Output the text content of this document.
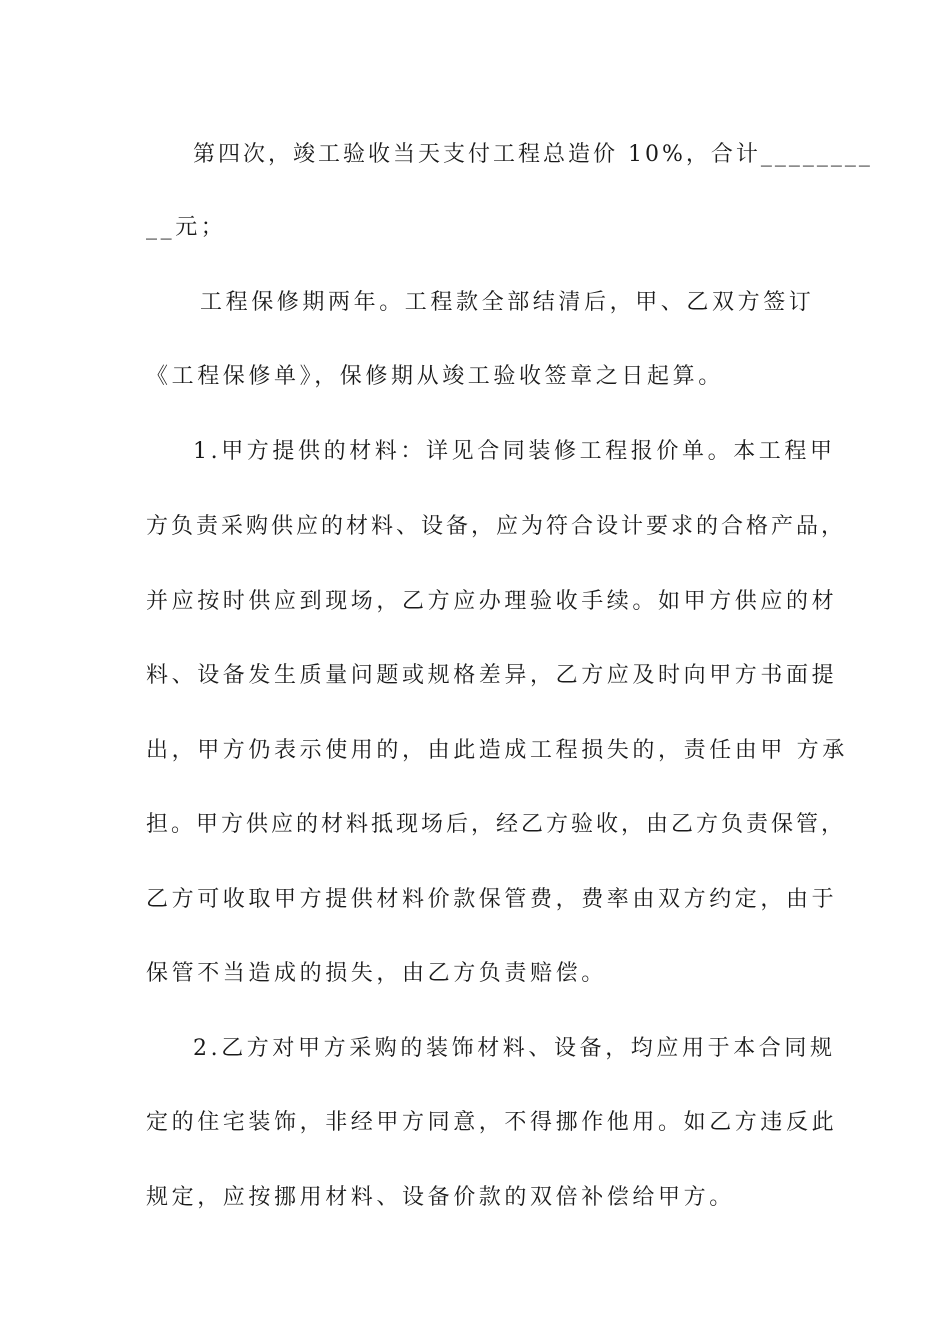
第四次，竣工验收当天支付工程总造价 10%，合计________
__元；
工程保修期两年。工程款全部结清后，甲、乙双方签订
《工程保修单》，保修期从竣工验收签章之日起算。
1.甲方提供的材料：详见合同装修工程报价单。本工程甲
方负责采购供应的材料、设备，应为符合设计要求的合格产品，
并应按时供应到现场，乙方应办理验收手续。如甲方供应的材
料、设备发生质量问题或规格差异，乙方应及时向甲方书面提
出，甲方仍表示使用的，由此造成工程损失的，责任由甲 方承
担。甲方供应的材料抵现场后，经乙方验收，由乙方负责保管，
乙方可收取甲方提供材料价款保管费，费率由双方约定，由于
保管不当造成的损失，由乙方负责赔偿。
2.乙方对甲方采购的装饰材料、设备，均应用于本合同规
定的住宅装饰，非经甲方同意，不得挪作他用。如乙方违反此
规定，应按挪用材料、设备价款的双倍补偿给甲方。
